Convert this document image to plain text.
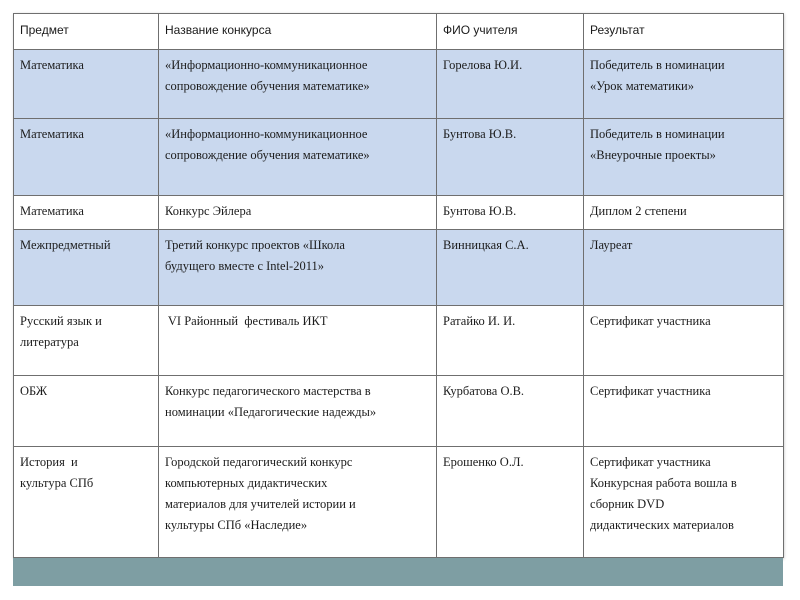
Предмет	Название конкурса	ФИО учителя	Результат

Математика	«Информационно-коммуникационное
сопровождение обучения математике»	Горелова Ю.И.	Победитель в номинации
«Урок математики»

Математика	«Информационно-коммуникационное
сопровождение обучения математике»	Бунтова Ю.В.	Победитель в номинации
«Внеурочные проекты»

Математика	Конкурс Эйлера	Бунтова Ю.В.	Диплом 2 степени

Межпредметный	Третий конкурс проектов «Школа
будущего вместе с Intel-2011»	Винницкая С.А.	Лауреат

Русский язык и
литература	VI Районный  фестиваль ИКТ	Ратайко И. И.	Сертификат участника

ОБЖ	Конкурс педагогического мастерства в
номинации «Педагогические надежды»	Курбатова О.В.	Сертификат участника

История  и
культура СПб	Городской педагогический конкурс
компьютерных дидактических
материалов для учителей истории и
культуры СПб «Наследие»	Ерошенко О.Л.	Сертификат участника
Конкурсная работа вошла в
сборник DVD
дидактических материалов
